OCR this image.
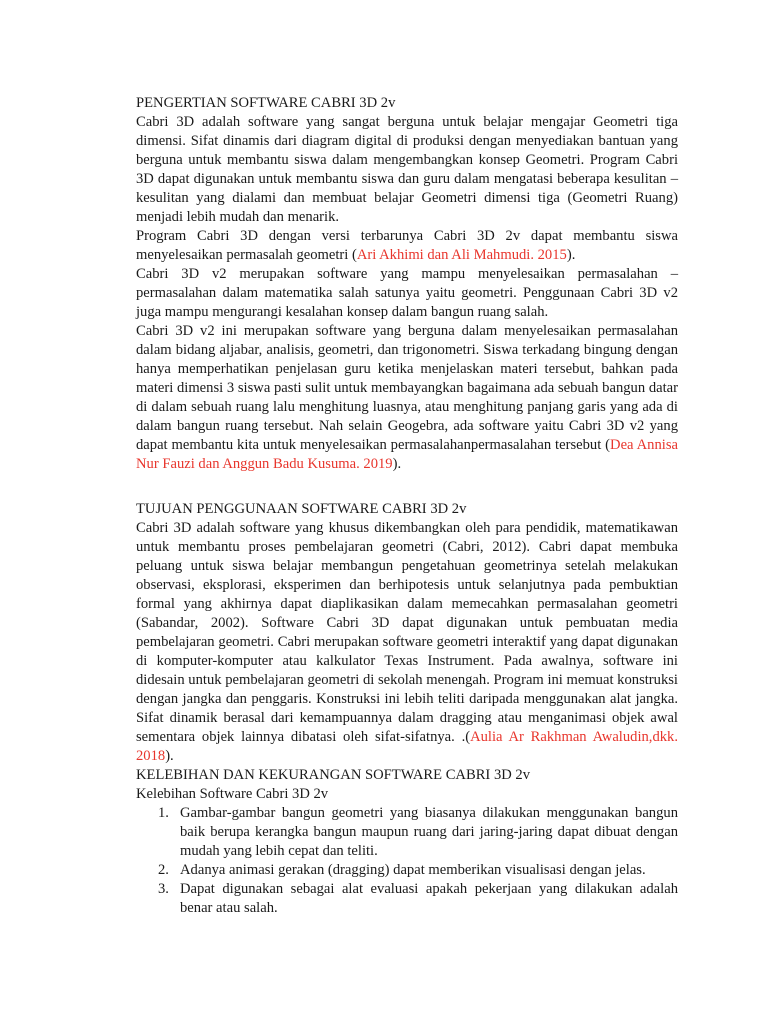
PENGERTIAN SOFTWARE CABRI 3D 2v

Cabri 3D adalah software yang sangat berguna untuk belajar mengajar Geometri tiga dimensi. Sifat dinamis dari diagram digital di produksi dengan menyediakan bantuan yang berguna untuk membantu siswa dalam mengembangkan konsep Geometri. Program Cabri 3D dapat digunakan untuk membantu siswa dan guru dalam mengatasi beberapa kesulitan – kesulitan yang dialami dan membuat belajar Geometri dimensi tiga (Geometri Ruang) menjadi lebih mudah dan menarik.

Program Cabri 3D dengan versi terbarunya Cabri 3D 2v dapat membantu siswa menyelesaikan permasalah geometri (Ari Akhimi dan Ali Mahmudi. 2015).

Cabri 3D v2 merupakan software yang mampu menyelesaikan permasalahan – permasalahan dalam matematika salah satunya yaitu geometri. Penggunaan Cabri 3D v2 juga mampu mengurangi kesalahan konsep dalam bangun ruang salah.

Cabri 3D v2 ini merupakan software yang berguna dalam menyelesaikan permasalahan dalam bidang aljabar, analisis, geometri, dan trigonometri. Siswa terkadang bingung dengan hanya memperhatikan penjelasan guru ketika menjelaskan materi tersebut, bahkan pada materi dimensi 3 siswa pasti sulit untuk membayangkan bagaimana ada sebuah bangun datar di dalam sebuah ruang lalu menghitung luasnya, atau menghitung panjang garis yang ada di dalam bangun ruang tersebut. Nah selain Geogebra, ada software yaitu Cabri 3D v2 yang dapat membantu kita untuk menyelesaikan permasalahanpermasalahan tersebut (Dea Annisa Nur Fauzi dan Anggun Badu Kusuma. 2019).

TUJUAN PENGGUNAAN SOFTWARE CABRI 3D 2v

Cabri 3D adalah software yang khusus dikembangkan oleh para pendidik, matematikawan untuk membantu proses pembelajaran geometri (Cabri, 2012). Cabri dapat membuka peluang untuk siswa belajar membangun pengetahuan geometrinya setelah melakukan observasi, eksplorasi, eksperimen dan berhipotesis untuk selanjutnya pada pembuktian formal yang akhirnya dapat diaplikasikan dalam memecahkan permasalahan geometri (Sabandar, 2002). Software Cabri 3D dapat digunakan untuk pembuatan media pembelajaran geometri. Cabri merupakan software geometri interaktif yang dapat digunakan di komputer-komputer atau kalkulator Texas Instrument. Pada awalnya, software ini didesain untuk pembelajaran geometri di sekolah menengah. Program ini memuat konstruksi dengan jangka dan penggaris. Konstruksi ini lebih teliti daripada menggunakan alat jangka. Sifat dinamik berasal dari kemampuannya dalam dragging atau menganimasi objek awal sementara objek lainnya dibatasi oleh sifat-sifatnya. .(Aulia Ar Rakhman Awaludin,dkk. 2018).

KELEBIHAN DAN KEKURANGAN SOFTWARE CABRI 3D 2v
Kelebihan Software Cabri 3D 2v
1. Gambar-gambar bangun geometri yang biasanya dilakukan menggunakan bangun baik berupa kerangka bangun maupun ruang dari jaring-jaring dapat dibuat dengan mudah yang lebih cepat dan teliti.
2. Adanya animasi gerakan (dragging) dapat memberikan visualisasi dengan jelas.
3. Dapat digunakan sebagai alat evaluasi apakah pekerjaan yang dilakukan adalah benar atau salah.
